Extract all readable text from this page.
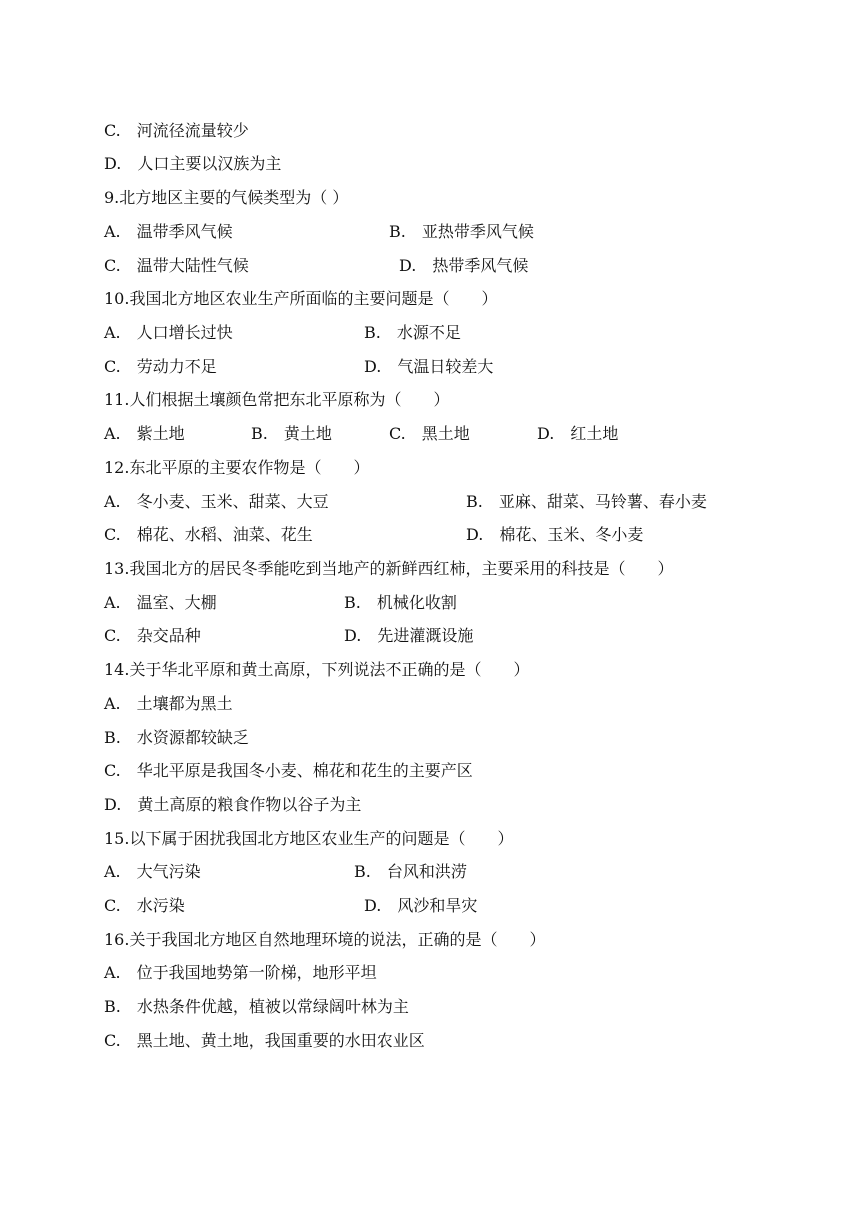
C.　河流径流量较少
D.　人口主要以汉族为主
9.北方地区主要的气候类型为（ ）
A.　温带季风气候	B.　亚热带季风气候
C.　温带大陆性气候	D.　热带季风气候
10.我国北方地区农业生产所面临的主要问题是（　　）
A.　人口增长过快	B.　水源不足
C.　劳动力不足	D.　气温日较差大
11.人们根据土壤颜色常把东北平原称为（　　）
A.　紫土地	B.　黄土地	C.　黑土地	D.　红土地
12.东北平原的主要农作物是（　　）
A.　冬小麦、玉米、甜菜、大豆	B.　亚麻、甜菜、马铃薯、春小麦
C.　棉花、水稻、油菜、花生	D.　棉花、玉米、冬小麦
13.我国北方的居民冬季能吃到当地产的新鲜西红柿，主要采用的科技是（　　）
A.　温室、大棚	B.　机械化收割
C.　杂交品种	D.　先进灌溉设施
14.关于华北平原和黄土高原，下列说法不正确的是（　　）
A.　土壤都为黑土
B.　水资源都较缺乏
C.　华北平原是我国冬小麦、棉花和花生的主要产区
D.　黄土高原的粮食作物以谷子为主
15.以下属于困扰我国北方地区农业生产的问题是（　　）
A.　大气污染	B.　台风和洪涝
C.　水污染	D.　风沙和旱灾
16.关于我国北方地区自然地理环境的说法，正确的是（　　）
A.　位于我国地势第一阶梯，地形平坦
B.　水热条件优越，植被以常绿阔叶林为主
C.　黑土地、黄土地，我国重要的水田农业区
